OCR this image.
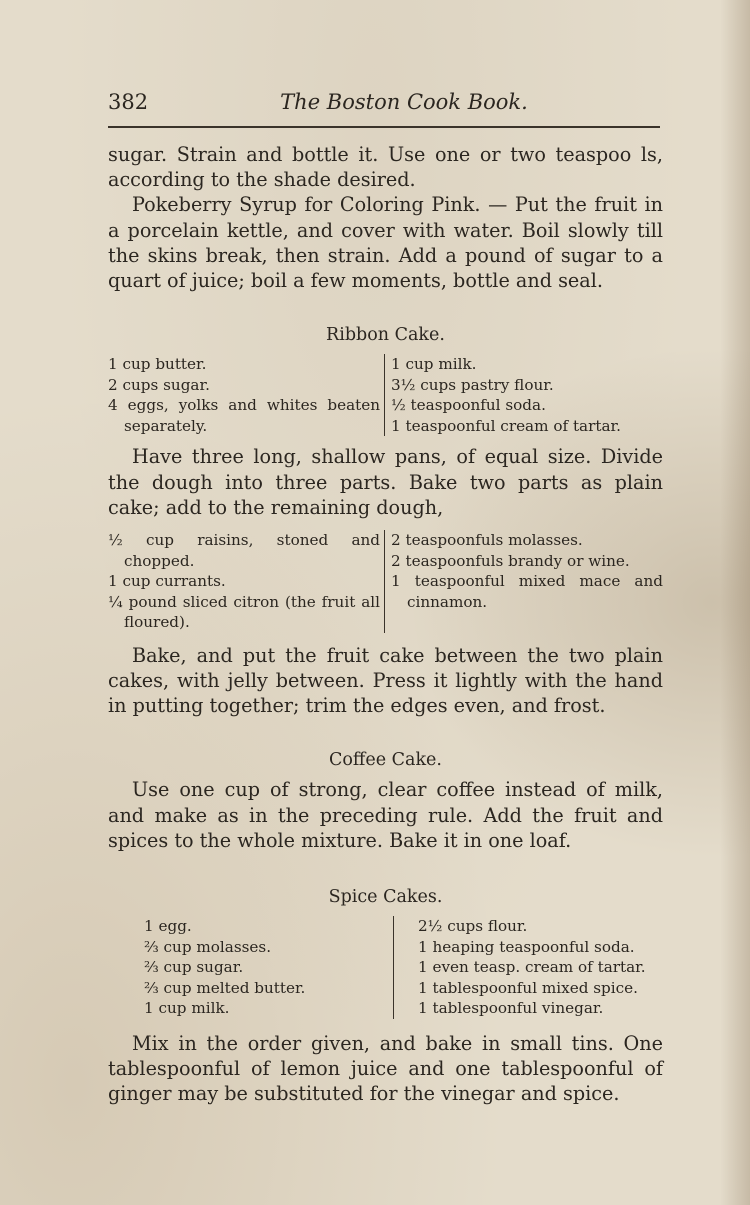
382	The Boston Cook Book.

sugar. Strain and bottle it. Use one or two teaspoo ls, according to the shade desired.

Pokeberry Syrup for Coloring Pink. — Put the fruit in a porcelain kettle, and cover with water. Boil slowly till the skins break, then strain. Add a pound of sugar to a quart of juice; boil a few moments, bottle and seal.

Ribbon Cake.

1 cup butter.
2 cups sugar.
4 eggs, yolks and whites beaten separately.
1 cup milk.
3½ cups pastry flour.
½ teaspoonful soda.
1 teaspoonful cream of tartar.

Have three long, shallow pans, of equal size. Divide the dough into three parts. Bake two parts as plain cake; add to the remaining dough,

½ cup raisins, stoned and chopped.
1 cup currants.
¼ pound sliced citron (the fruit all floured).
2 teaspoonfuls molasses.
2 teaspoonfuls brandy or wine.
1 teaspoonful mixed mace and cinnamon.

Bake, and put the fruit cake between the two plain cakes, with jelly between. Press it lightly with the hand in putting together; trim the edges even, and frost.

Coffee Cake.

Use one cup of strong, clear coffee instead of milk, and make as in the preceding rule. Add the fruit and spices to the whole mixture. Bake it in one loaf.

Spice Cakes.

1 egg.
⅔ cup molasses.
⅔ cup sugar.
⅔ cup melted butter.
1 cup milk.
2½ cups flour.
1 heaping teaspoonful soda.
1 even teasp. cream of tartar.
1 tablespoonful mixed spice.
1 tablespoonful vinegar.

Mix in the order given, and bake in small tins. One tablespoonful of lemon juice and one tablespoonful of ginger may be substituted for the vinegar and spice.
